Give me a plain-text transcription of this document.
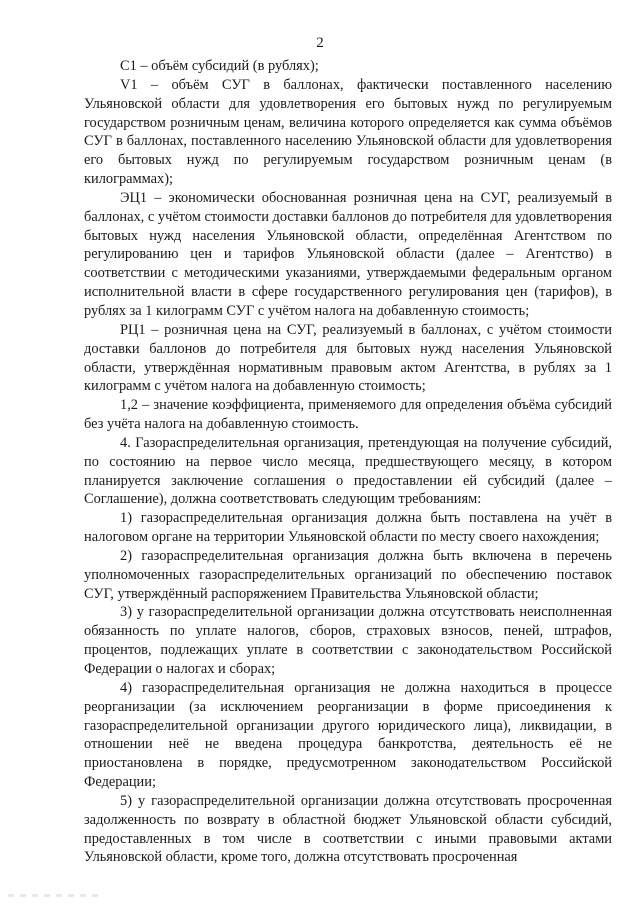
2

С1 – объём субсидий (в рублях);

V1 – объём СУГ в баллонах, фактически поставленного населению Ульяновской области для удовлетворения его бытовых нужд по регулируемым государством розничным ценам, величина которого определяется как сумма объёмов СУГ в баллонах, поставленного населению Ульяновской области для удовлетворения его бытовых нужд по регулируемым государством розничным ценам (в килограммах);

ЭЦ1 – экономически обоснованная розничная цена на СУГ, реализуемый в баллонах, с учётом стоимости доставки баллонов до потребителя для удовлетворения бытовых нужд населения Ульяновской области, определённая Агентством по регулированию цен и тарифов Ульяновской области (далее – Агентство) в соответствии с методическими указаниями, утверждаемыми федеральным органом исполнительной власти в сфере государственного регулирования цен (тарифов), в рублях за 1 килограмм СУГ с учётом налога на добавленную стоимость;

РЦ1 – розничная цена на СУГ, реализуемый в баллонах, с учётом стоимости доставки баллонов до потребителя для бытовых нужд населения Ульяновской области, утверждённая нормативным правовым актом Агентства, в рублях за 1 килограмм с учётом налога на добавленную стоимость;

1,2 – значение коэффициента, применяемого для определения объёма субсидий без учёта налога на добавленную стоимость.

4. Газораспределительная организация, претендующая на получение субсидий, по состоянию на первое число месяца, предшествующего месяцу, в котором планируется заключение соглашения о предоставлении ей субсидий (далее – Соглашение), должна соответствовать следующим требованиям:

1) газораспределительная организация должна быть поставлена на учёт в налоговом органе на территории Ульяновской области по месту своего нахождения;

2) газораспределительная организация должна быть включена в перечень уполномоченных газораспределительных организаций по обеспечению поставок СУГ, утверждённый распоряжением Правительства Ульяновской области;

3) у газораспределительной организации должна отсутствовать неисполненная обязанность по уплате налогов, сборов, страховых взносов, пеней, штрафов, процентов, подлежащих уплате в соответствии с законодательством Российской Федерации о налогах и сборах;

4) газораспределительная организация не должна находиться в процессе реорганизации (за исключением реорганизации в форме присоединения к газораспределительной организации другого юридического лица), ликвидации, в отношении неё не введена процедура банкротства, деятельность её не приостановлена в порядке, предусмотренном законодательством Российской Федерации;

5) у газораспределительной организации должна отсутствовать просроченная задолженность по возврату в областной бюджет Ульяновской области субсидий, предоставленных в том числе в соответствии с иными правовыми актами Ульяновской области, кроме того, должна отсутствовать просроченная
